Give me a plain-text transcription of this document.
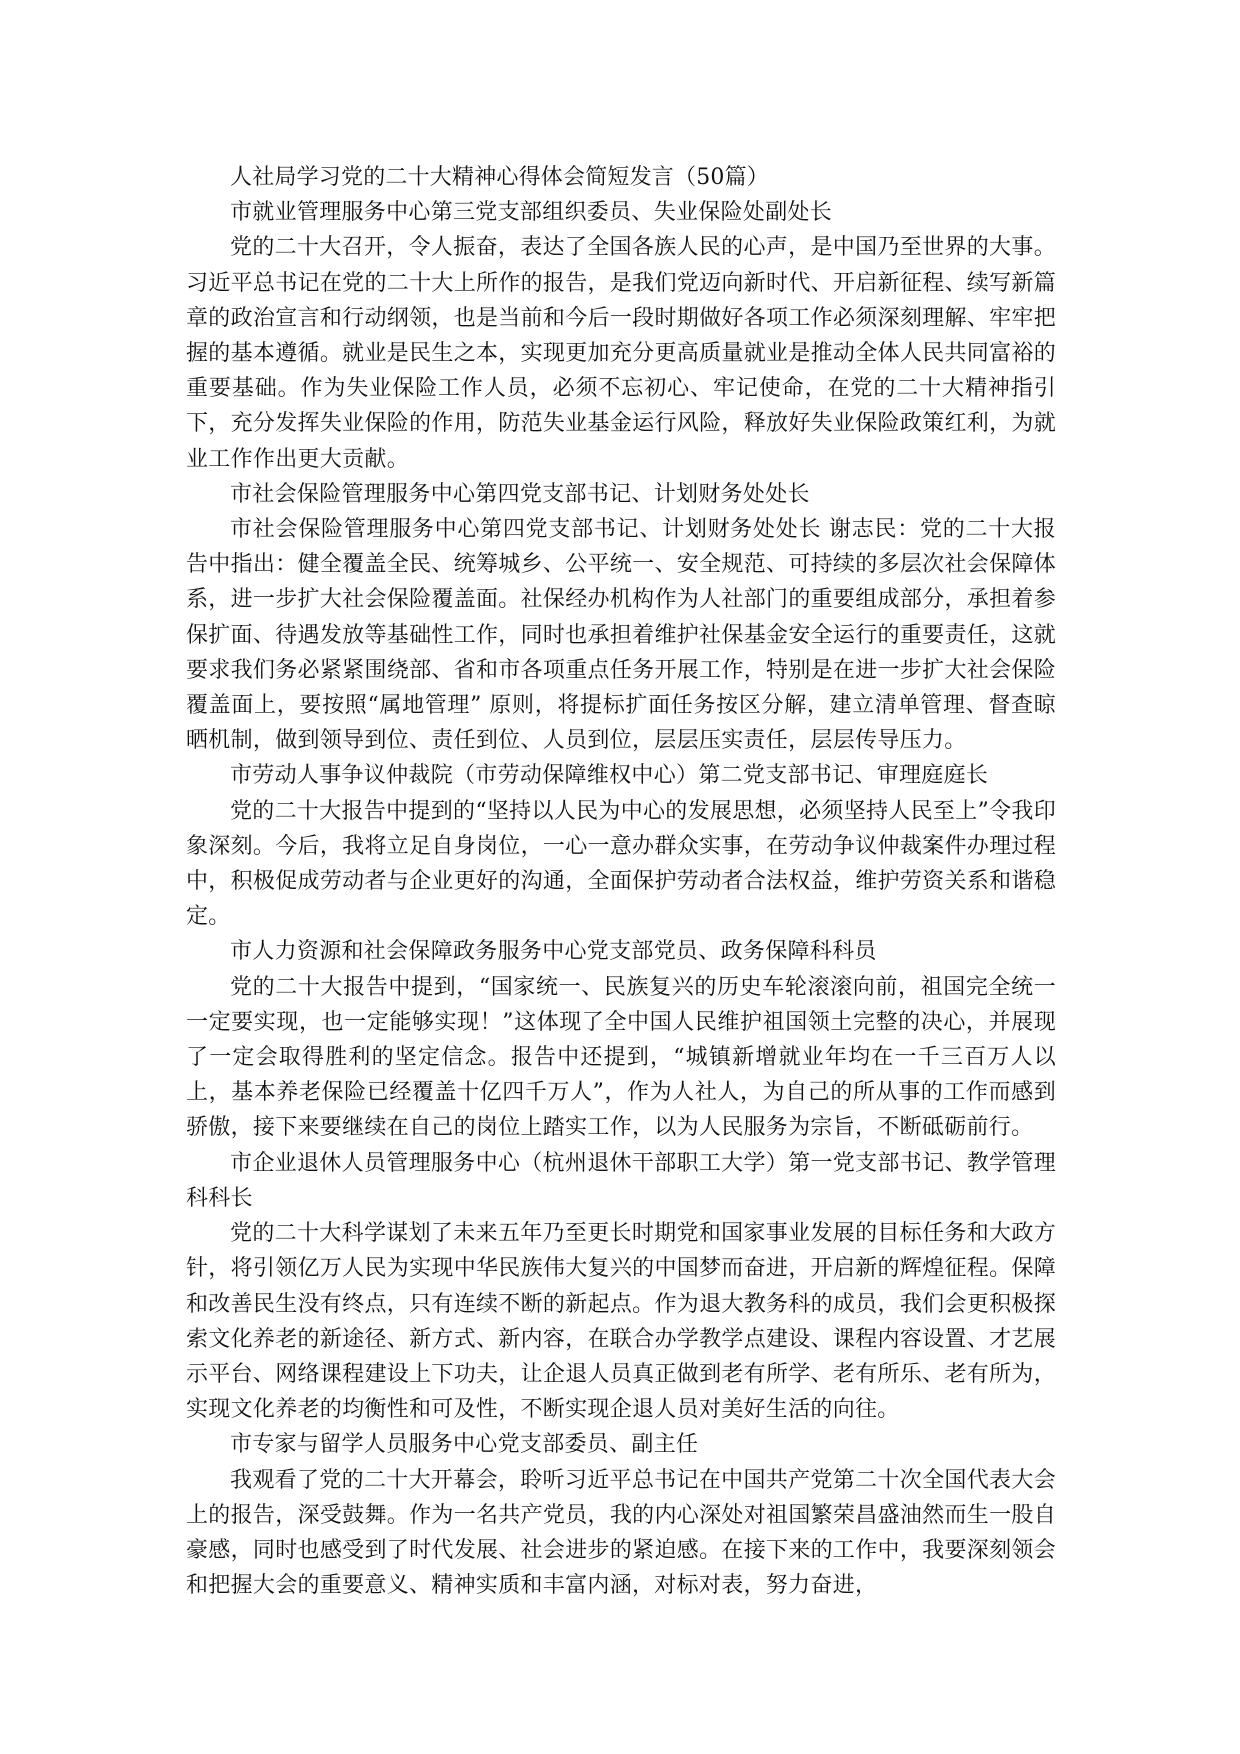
人社局学习党的二十大精神心得体会简短发言（50篇）

市就业管理服务中心第三党支部组织委员、失业保险处副处长

党的二十大召开，令人振奋，表达了全国各族人民的心声，是中国乃至世界的大事。习近平总书记在党的二十大上所作的报告，是我们党迈向新时代、开启新征程、续写新篇章的政治宣言和行动纲领，也是当前和今后一段时期做好各项工作必须深刻理解、牢牢把握的基本遵循。就业是民生之本，实现更加充分更高质量就业是推动全体人民共同富裕的重要基础。作为失业保险工作人员，必须不忘初心、牢记使命，在党的二十大精神指引下，充分发挥失业保险的作用，防范失业基金运行风险，释放好失业保险政策红利，为就业工作作出更大贡献。

市社会保险管理服务中心第四党支部书记、计划财务处处长

市社会保险管理服务中心第四党支部书记、计划财务处处长 谢志民：党的二十大报告中指出：健全覆盖全民、统筹城乡、公平统一、安全规范、可持续的多层次社会保障体系，进一步扩大社会保险覆盖面。社保经办机构作为人社部门的重要组成部分，承担着参保扩面、待遇发放等基础性工作，同时也承担着维护社保基金安全运行的重要责任，这就要求我们务必紧紧围绕部、省和市各项重点任务开展工作，特别是在进一步扩大社会保险覆盖面上，要按照“属地管理” 原则，将提标扩面任务按区分解，建立清单管理、督查晾晒机制，做到领导到位、责任到位、人员到位，层层压实责任，层层传导压力。

市劳动人事争议仲裁院（市劳动保障维权中心）第二党支部书记、审理庭庭长

党的二十大报告中提到的“坚持以人民为中心的发展思想，必须坚持人民至上”令我印象深刻。今后，我将立足自身岗位，一心一意办群众实事，在劳动争议仲裁案件办理过程中，积极促成劳动者与企业更好的沟通，全面保护劳动者合法权益，维护劳资关系和谐稳定。

市人力资源和社会保障政务服务中心党支部党员、政务保障科科员

党的二十大报告中提到，“国家统一、民族复兴的历史车轮滚滚向前，祖国完全统一一定要实现，也一定能够实现！”这体现了全中国人民维护祖国领土完整的决心，并展现了一定会取得胜利的坚定信念。报告中还提到，“城镇新增就业年均在一千三百万人以上，基本养老保险已经覆盖十亿四千万人”，作为人社人，为自己的所从事的工作而感到骄傲，接下来要继续在自己的岗位上踏实工作，以为人民服务为宗旨，不断砥砺前行。

市企业退休人员管理服务中心（杭州退休干部职工大学）第一党支部书记、教学管理科科长

党的二十大科学谋划了未来五年乃至更长时期党和国家事业发展的目标任务和大政方针，将引领亿万人民为实现中华民族伟大复兴的中国梦而奋进，开启新的辉煌征程。保障和改善民生没有终点，只有连续不断的新起点。作为退大教务科的成员，我们会更积极探索文化养老的新途径、新方式、新内容，在联合办学教学点建设、课程内容设置、才艺展示平台、网络课程建设上下功夫，让企退人员真正做到老有所学、老有所乐、老有所为，实现文化养老的均衡性和可及性，不断实现企退人员对美好生活的向往。

市专家与留学人员服务中心党支部委员、副主任

我观看了党的二十大开幕会，聆听习近平总书记在中国共产党第二十次全国代表大会上的报告，深受鼓舞。作为一名共产党员，我的内心深处对祖国繁荣昌盛油然而生一股自豪感，同时也感受到了时代发展、社会进步的紧迫感。在接下来的工作中，我要深刻领会和把握大会的重要意义、精神实质和丰富内涵，对标对表，努力奋进，
